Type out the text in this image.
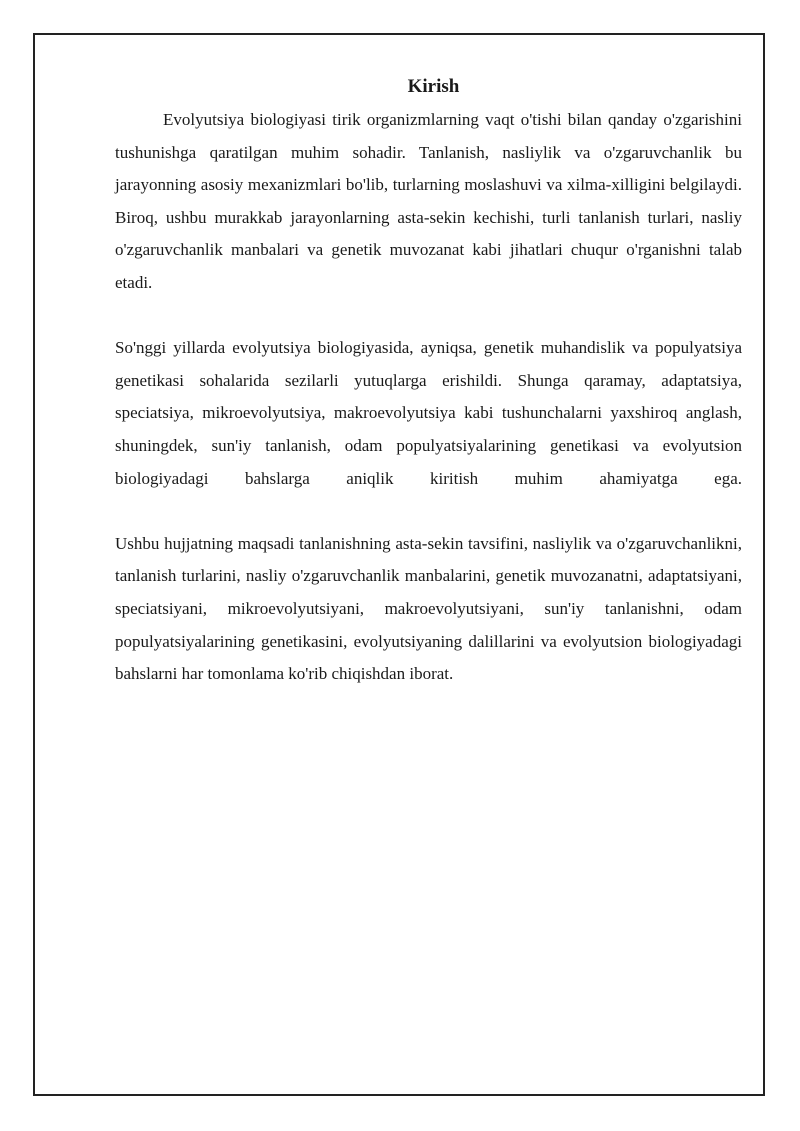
Kirish

Evolyutsiya biologiyasi tirik organizmlarning vaqt o'tishi bilan qanday o'zgarishini tushunishga qaratilgan muhim sohadir. Tanlanish, nasliylik va o'zgaruvchanlik bu jarayonning asosiy mexanizmlari bo'lib, turlarning moslashuvi va xilma-xilligini belgilaydi. Biroq, ushbu murakkab jarayonlarning asta-sekin kechishi, turli tanlanish turlari, nasliy o'zgaruvchanlik manbalari va genetik muvozanat kabi jihatlari chuqur o'rganishni talab etadi.

So'nggi yillarda evolyutsiya biologiyasida, ayniqsa, genetik muhandislik va populyatsiya genetikasi sohalarida sezilarli yutuqlarga erishildi. Shunga qaramay, adaptatsiya, speciatsiya, mikroevolyutsiya, makroevolyutsiya kabi tushunchalarni yaxshiroq anglash, shuningdek, sun'iy tanlanish, odam populyatsiyalarining genetikasi va evolyutsion biologiyadagi bahslarga aniqlik kiritish muhim ahamiyatga ega.

Ushbu hujjatning maqsadi tanlanishning asta-sekin tavsifini, nasliylik va o'zgaruvchanlikni, tanlanish turlarini, nasliy o'zgaruvchanlik manbalarini, genetik muvozanatni, adaptatsiyani, speciatsiyani, mikroevolyutsiyani, makroevolyutsiyani, sun'iy tanlanishni, odam populyatsiyalarining genetikasini, evolyutsiyaning dalillarini va evolyutsion biologiyadagi bahslarni har tomonlama ko'rib chiqishdan iborat.
